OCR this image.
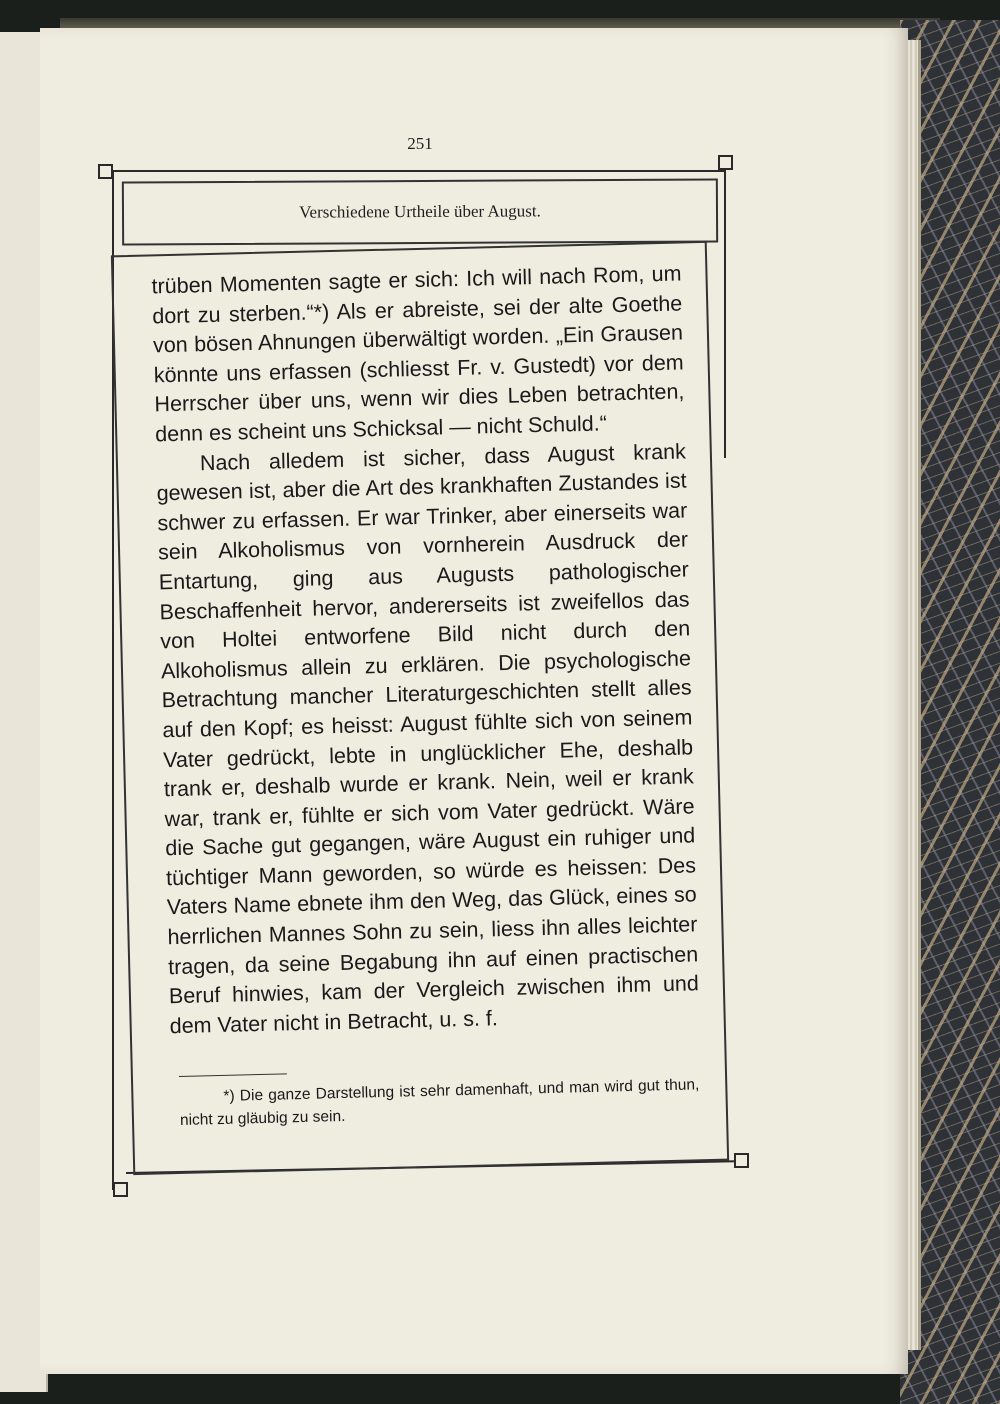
251
Verschiedene Urtheile über August.

trüben Momenten sagte er sich: Ich will nach Rom, um dort zu sterben.“*) Als er abreiste, sei der alte Goethe von bösen Ahnungen überwältigt worden. „Ein Grausen könnte uns erfassen (schliesst Fr. v. Gustedt) vor dem Herrscher über uns, wenn wir dies Leben betrachten, denn es scheint uns Schicksal — nicht Schuld.“

Nach alledem ist sicher, dass August krank gewesen ist, aber die Art des krankhaften Zustandes ist schwer zu erfassen. Er war Trinker, aber einerseits war sein Alkoholismus von vornherein Ausdruck der Entartung, ging aus Augusts pathologischer Beschaffenheit hervor, andererseits ist zweifellos das von Holtei entworfene Bild nicht durch den Alkoholismus allein zu erklären. Die psychologische Betrachtung mancher Literaturgeschichten stellt alles auf den Kopf; es heisst: August fühlte sich von seinem Vater gedrückt, lebte in unglücklicher Ehe, deshalb trank er, deshalb wurde er krank. Nein, weil er krank war, trank er, fühlte er sich vom Vater gedrückt. Wäre die Sache gut gegangen, wäre August ein ruhiger und tüchtiger Mann geworden, so würde es heissen: Des Vaters Name ebnete ihm den Weg, das Glück, eines so herrlichen Mannes Sohn zu sein, liess ihn alles leichter tragen, da seine Begabung ihn auf einen practischen Beruf hinwies, kam der Vergleich zwischen ihm und dem Vater nicht in Betracht, u. s. f.

*) Die ganze Darstellung ist sehr damenhaft, und man wird gut thun, nicht zu gläubig zu sein.
